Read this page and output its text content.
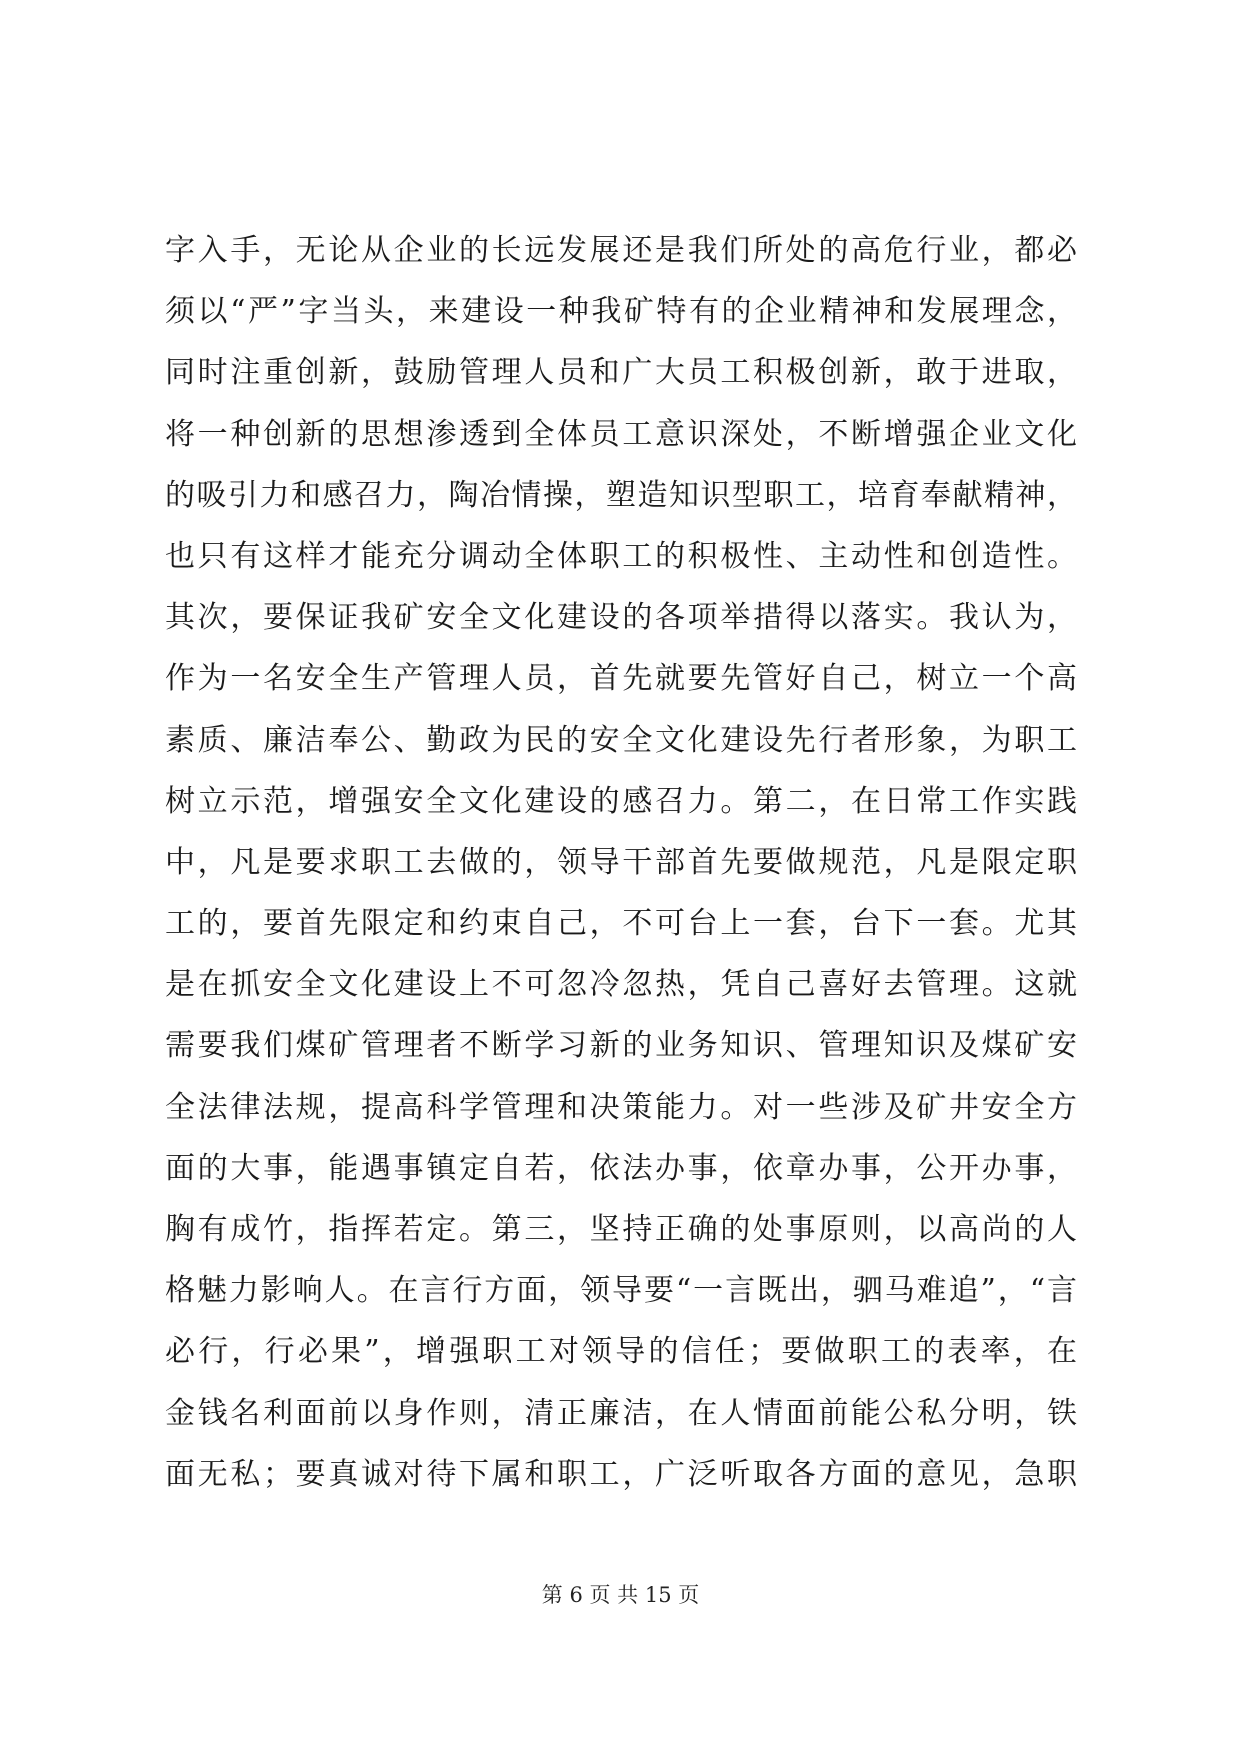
字入手，无论从企业的长远发展还是我们所处的高危行业，都必
须以“严”字当头，来建设一种我矿特有的企业精神和发展理念，
同时注重创新，鼓励管理人员和广大员工积极创新，敢于进取，
将一种创新的思想渗透到全体员工意识深处，不断增强企业文化
的吸引力和感召力，陶冶情操，塑造知识型职工，培育奉献精神，
也只有这样才能充分调动全体职工的积极性、主动性和创造性。
其次，要保证我矿安全文化建设的各项举措得以落实。我认为，
作为一名安全生产管理人员，首先就要先管好自己，树立一个高
素质、廉洁奉公、勤政为民的安全文化建设先行者形象，为职工
树立示范，增强安全文化建设的感召力。第二，在日常工作实践
中，凡是要求职工去做的，领导干部首先要做规范，凡是限定职
工的，要首先限定和约束自己，不可台上一套，台下一套。尤其
是在抓安全文化建设上不可忽冷忽热，凭自己喜好去管理。这就
需要我们煤矿管理者不断学习新的业务知识、管理知识及煤矿安
全法律法规，提高科学管理和决策能力。对一些涉及矿井安全方
面的大事，能遇事镇定自若，依法办事，依章办事，公开办事，
胸有成竹，指挥若定。第三，坚持正确的处事原则，以高尚的人
格魅力影响人。在言行方面，领导要“一言既出，驷马难追”，“言
必行，行必果”，增强职工对领导的信任；要做职工的表率，在
金钱名利面前以身作则，清正廉洁，在人情面前能公私分明，铁
面无私；要真诚对待下属和职工，广泛听取各方面的意见，急职
第 6 页 共 15 页
